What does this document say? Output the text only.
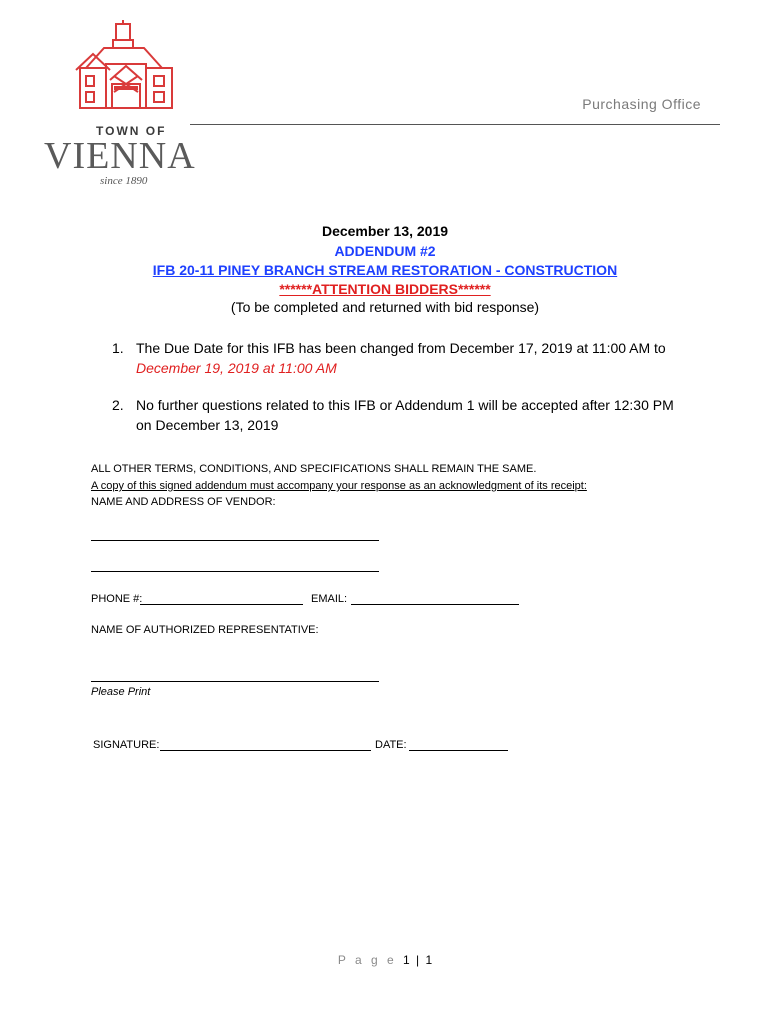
TOWN OF
VIENNA
since 1890
Purchasing Office
December 13, 2019
ADDENDUM #2
IFB 20-11 PINEY BRANCH STREAM RESTORATION - CONSTRUCTION
******ATTENTION BIDDERS******
(To be completed and returned with bid response)
1. The Due Date for this IFB has been changed from December 17, 2019 at 11:00 AM to
December 19, 2019 at 11:00 AM
2. No further questions related to this IFB or Addendum 1 will be accepted after 12:30 PM on December 13, 2019
ALL OTHER TERMS, CONDITIONS, AND SPECIFICATIONS SHALL REMAIN THE SAME.
A copy of this signed addendum must accompany your response as an acknowledgment of its receipt:
NAME AND ADDRESS OF VENDOR:
PHONE #:	EMAIL:
NAME OF AUTHORIZED REPRESENTATIVE:
Please Print
SIGNATURE:	DATE:
P a g e 1 | 1
